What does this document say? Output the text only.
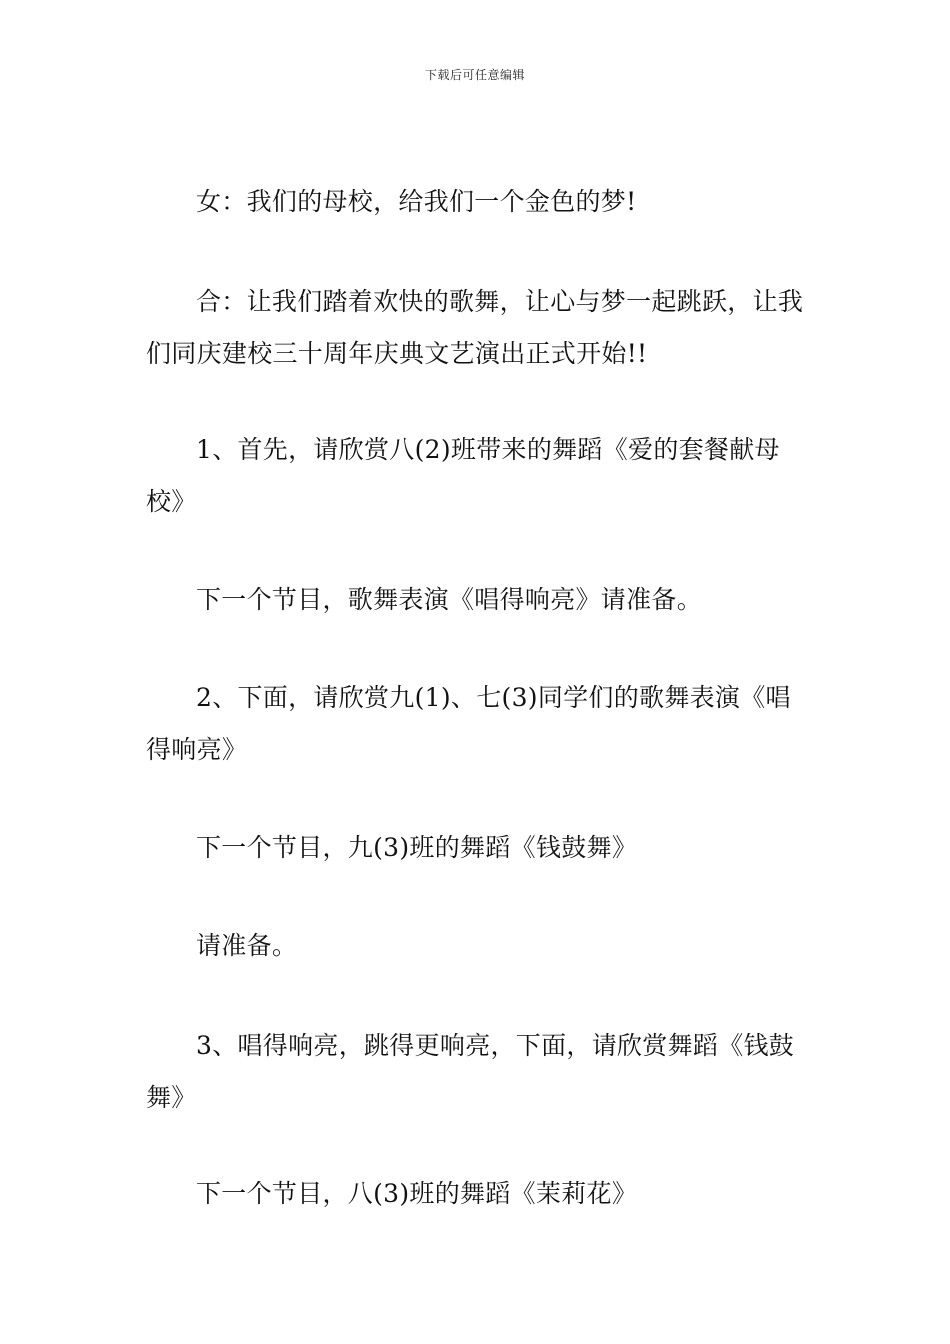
下载后可任意编辑
女：我们的母校，给我们一个金色的梦!
合：让我们踏着欢快的歌舞，让心与梦一起跳跃，让我们同庆建校三十周年庆典文艺演出正式开始!!
1、首先，请欣赏八(2)班带来的舞蹈《爱的套餐献母校》
下一个节目，歌舞表演《唱得响亮》请准备。
2、下面，请欣赏九(1)、七(3)同学们的歌舞表演《唱得响亮》
下一个节目，九(3)班的舞蹈《钱鼓舞》
请准备。
3、唱得响亮，跳得更响亮，下面，请欣赏舞蹈《钱鼓舞》
下一个节目，八(3)班的舞蹈《茉莉花》
